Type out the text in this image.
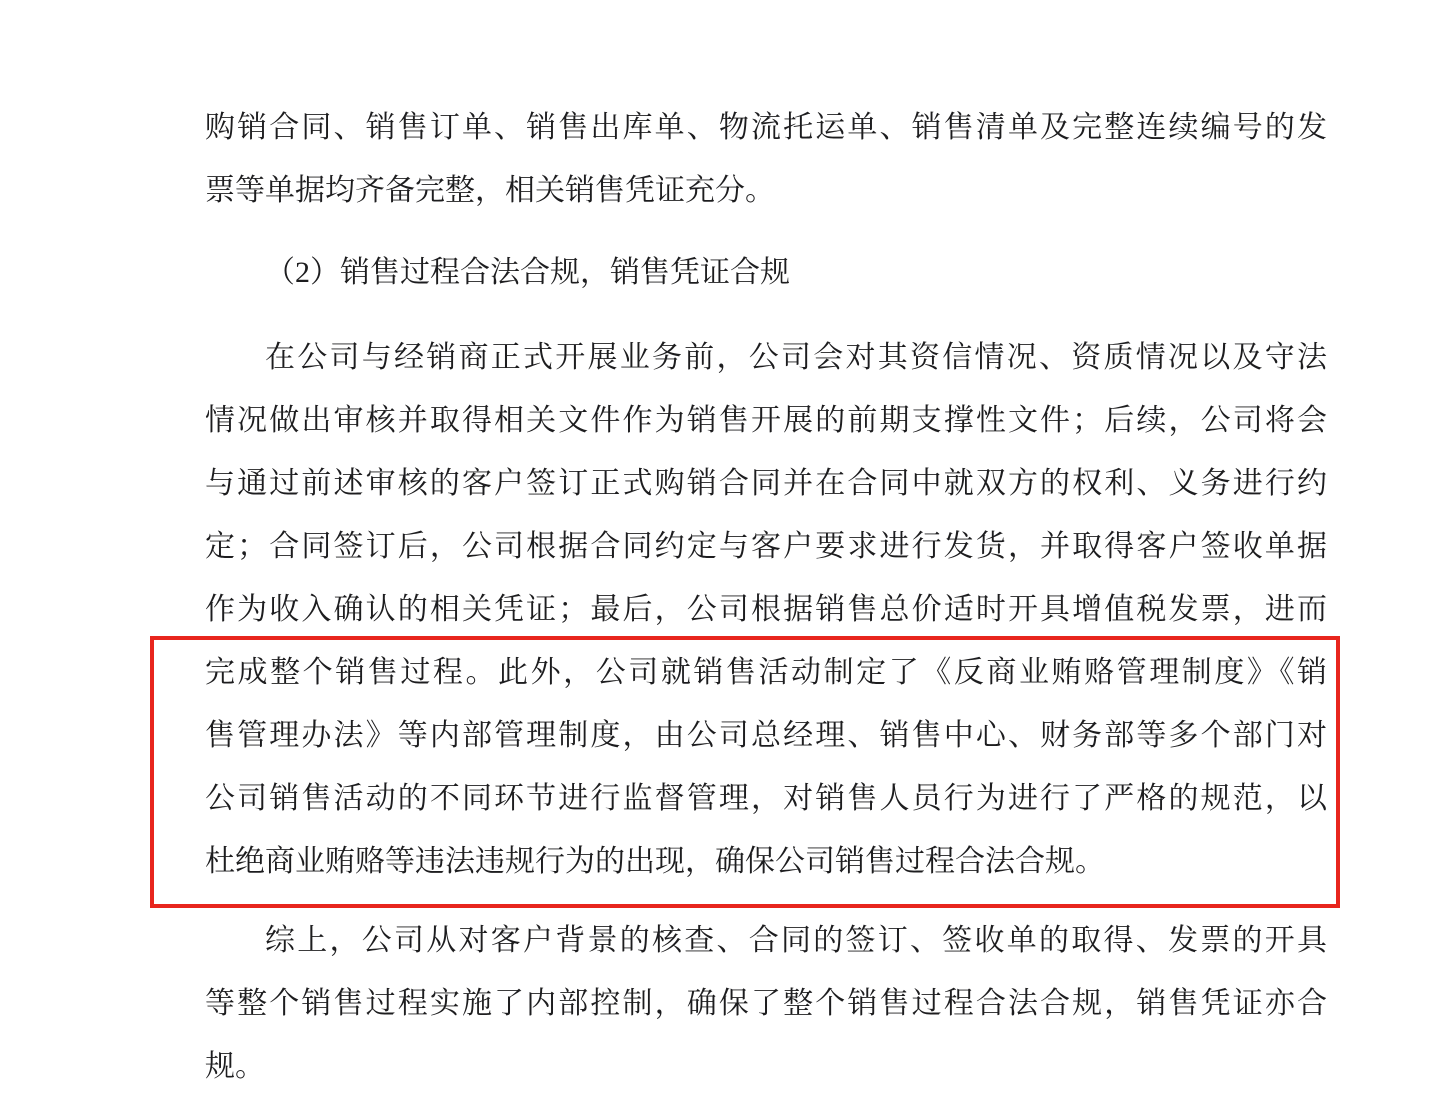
购销合同、销售订单、销售出库单、物流托运单、销售清单及完整连续编号的发
票等单据均齐备完整，相关销售凭证充分。
（2）销售过程合法合规，销售凭证合规
在公司与经销商正式开展业务前，公司会对其资信情况、资质情况以及守法
情况做出审核并取得相关文件作为销售开展的前期支撑性文件；后续，公司将会
与通过前述审核的客户签订正式购销合同并在合同中就双方的权利、义务进行约
定；合同签订后，公司根据合同约定与客户要求进行发货，并取得客户签收单据
作为收入确认的相关凭证；最后，公司根据销售总价适时开具增值税发票，进而
完成整个销售过程。此外，公司就销售活动制定了《反商业贿赂管理制度》《销
售管理办法》等内部管理制度，由公司总经理、销售中心、财务部等多个部门对
公司销售活动的不同环节进行监督管理，对销售人员行为进行了严格的规范，以
杜绝商业贿赂等违法违规行为的出现，确保公司销售过程合法合规。
综上，公司从对客户背景的核查、合同的签订、签收单的取得、发票的开具
等整个销售过程实施了内部控制，确保了整个销售过程合法合规，销售凭证亦合
规。
